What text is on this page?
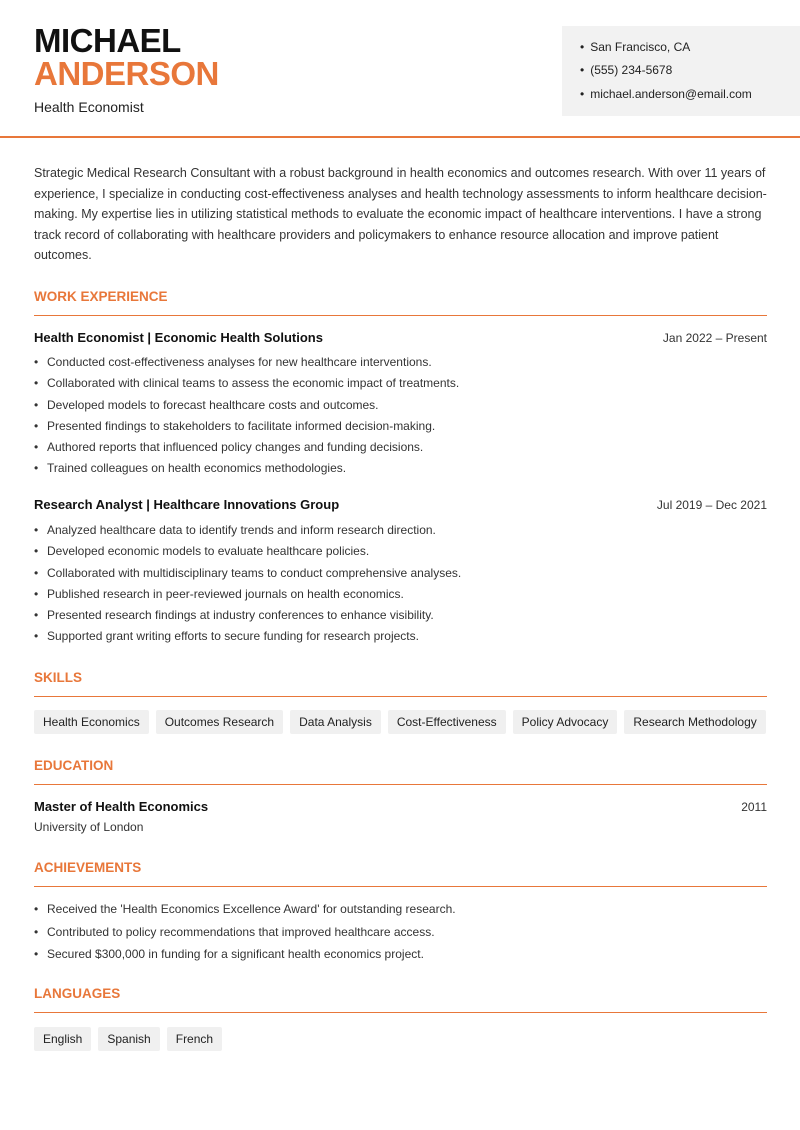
MICHAEL
ANDERSON
Health Economist
• San Francisco, CA
• (555) 234-5678
• michael.anderson@email.com

Strategic Medical Research Consultant with a robust background in health economics and outcomes research. With over 11 years of experience, I specialize in conducting cost-effectiveness analyses and health technology assessments to inform healthcare decision-making. My expertise lies in utilizing statistical methods to evaluate the economic impact of healthcare interventions. I have a strong track record of collaborating with healthcare providers and policymakers to enhance resource allocation and improve patient outcomes.

WORK EXPERIENCE
Health Economist | Economic Health Solutions	Jan 2022 – Present
• Conducted cost-effectiveness analyses for new healthcare interventions.
• Collaborated with clinical teams to assess the economic impact of treatments.
• Developed models to forecast healthcare costs and outcomes.
• Presented findings to stakeholders to facilitate informed decision-making.
• Authored reports that influenced policy changes and funding decisions.
• Trained colleagues on health economics methodologies.
Research Analyst | Healthcare Innovations Group	Jul 2019 – Dec 2021
• Analyzed healthcare data to identify trends and inform research direction.
• Developed economic models to evaluate healthcare policies.
• Collaborated with multidisciplinary teams to conduct comprehensive analyses.
• Published research in peer-reviewed journals on health economics.
• Presented research findings at industry conferences to enhance visibility.
• Supported grant writing efforts to secure funding for research projects.
SKILLS
Health Economics	Outcomes Research	Data Analysis	Cost-Effectiveness	Policy Advocacy	Research Methodology
EDUCATION
Master of Health Economics	2011
University of London
ACHIEVEMENTS
• Received the 'Health Economics Excellence Award' for outstanding research.
• Contributed to policy recommendations that improved healthcare access.
• Secured $300,000 in funding for a significant health economics project.
LANGUAGES
English	Spanish	French
